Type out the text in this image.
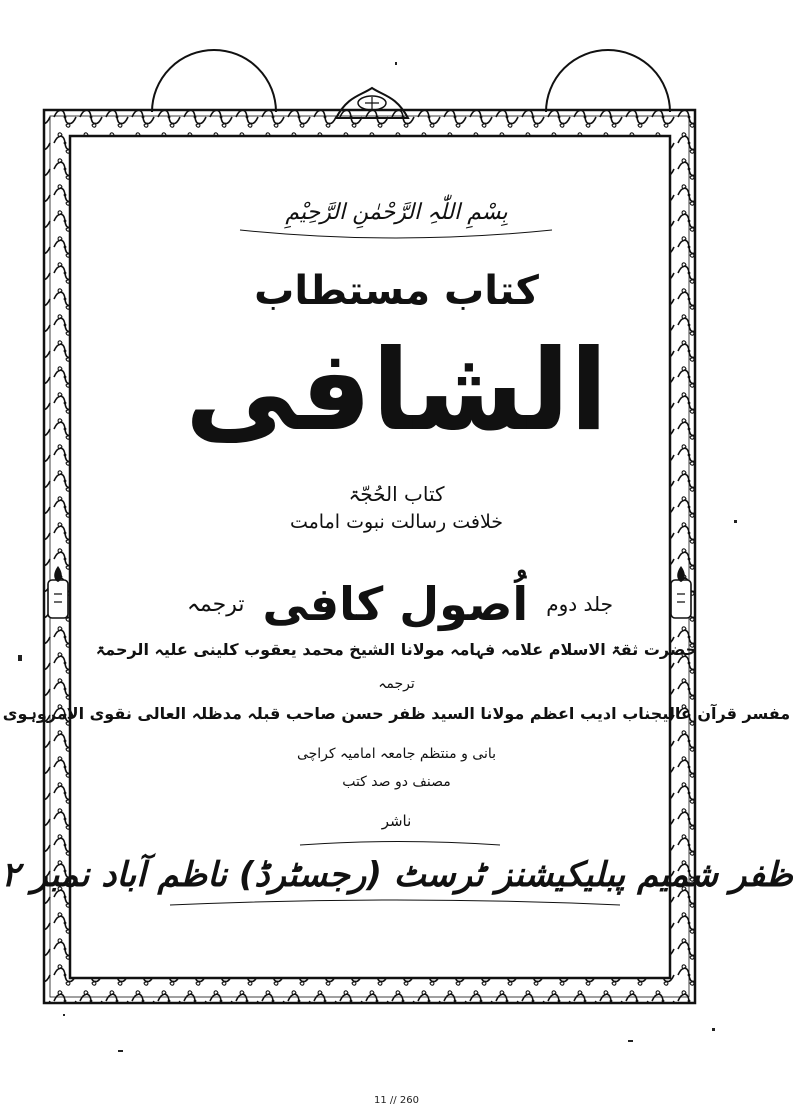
بِسْمِ اللّٰہِ الرَّحْمٰنِ الرَّحِیْمِ
کتاب مستطاب
الشافی
کتاب الحُجّۃ
خلافت رسالت نبوت امامت
ترجمہ اُصول کافی جلد دوم
حضرت ثقۃ الاسلام علامہ فہامہ مولانا الشیخ محمد یعقوب کلینی علیہ الرحمۃ
ترجمہ
مفسر قرآن عالیجناب ادیب اعظم مولانا السید ظفر حسن صاحب قبلہ مدظلہ العالی نقوی الامروہوی
بانی و منتظم جامعہ امامیہ کراچی
مصنف دو صد کتب
ناشر
ظفر شمیم پبلیکیشنز ٹرسٹ (رجسٹرڈ) ناظم آباد نمبر ۲
11 // 260
